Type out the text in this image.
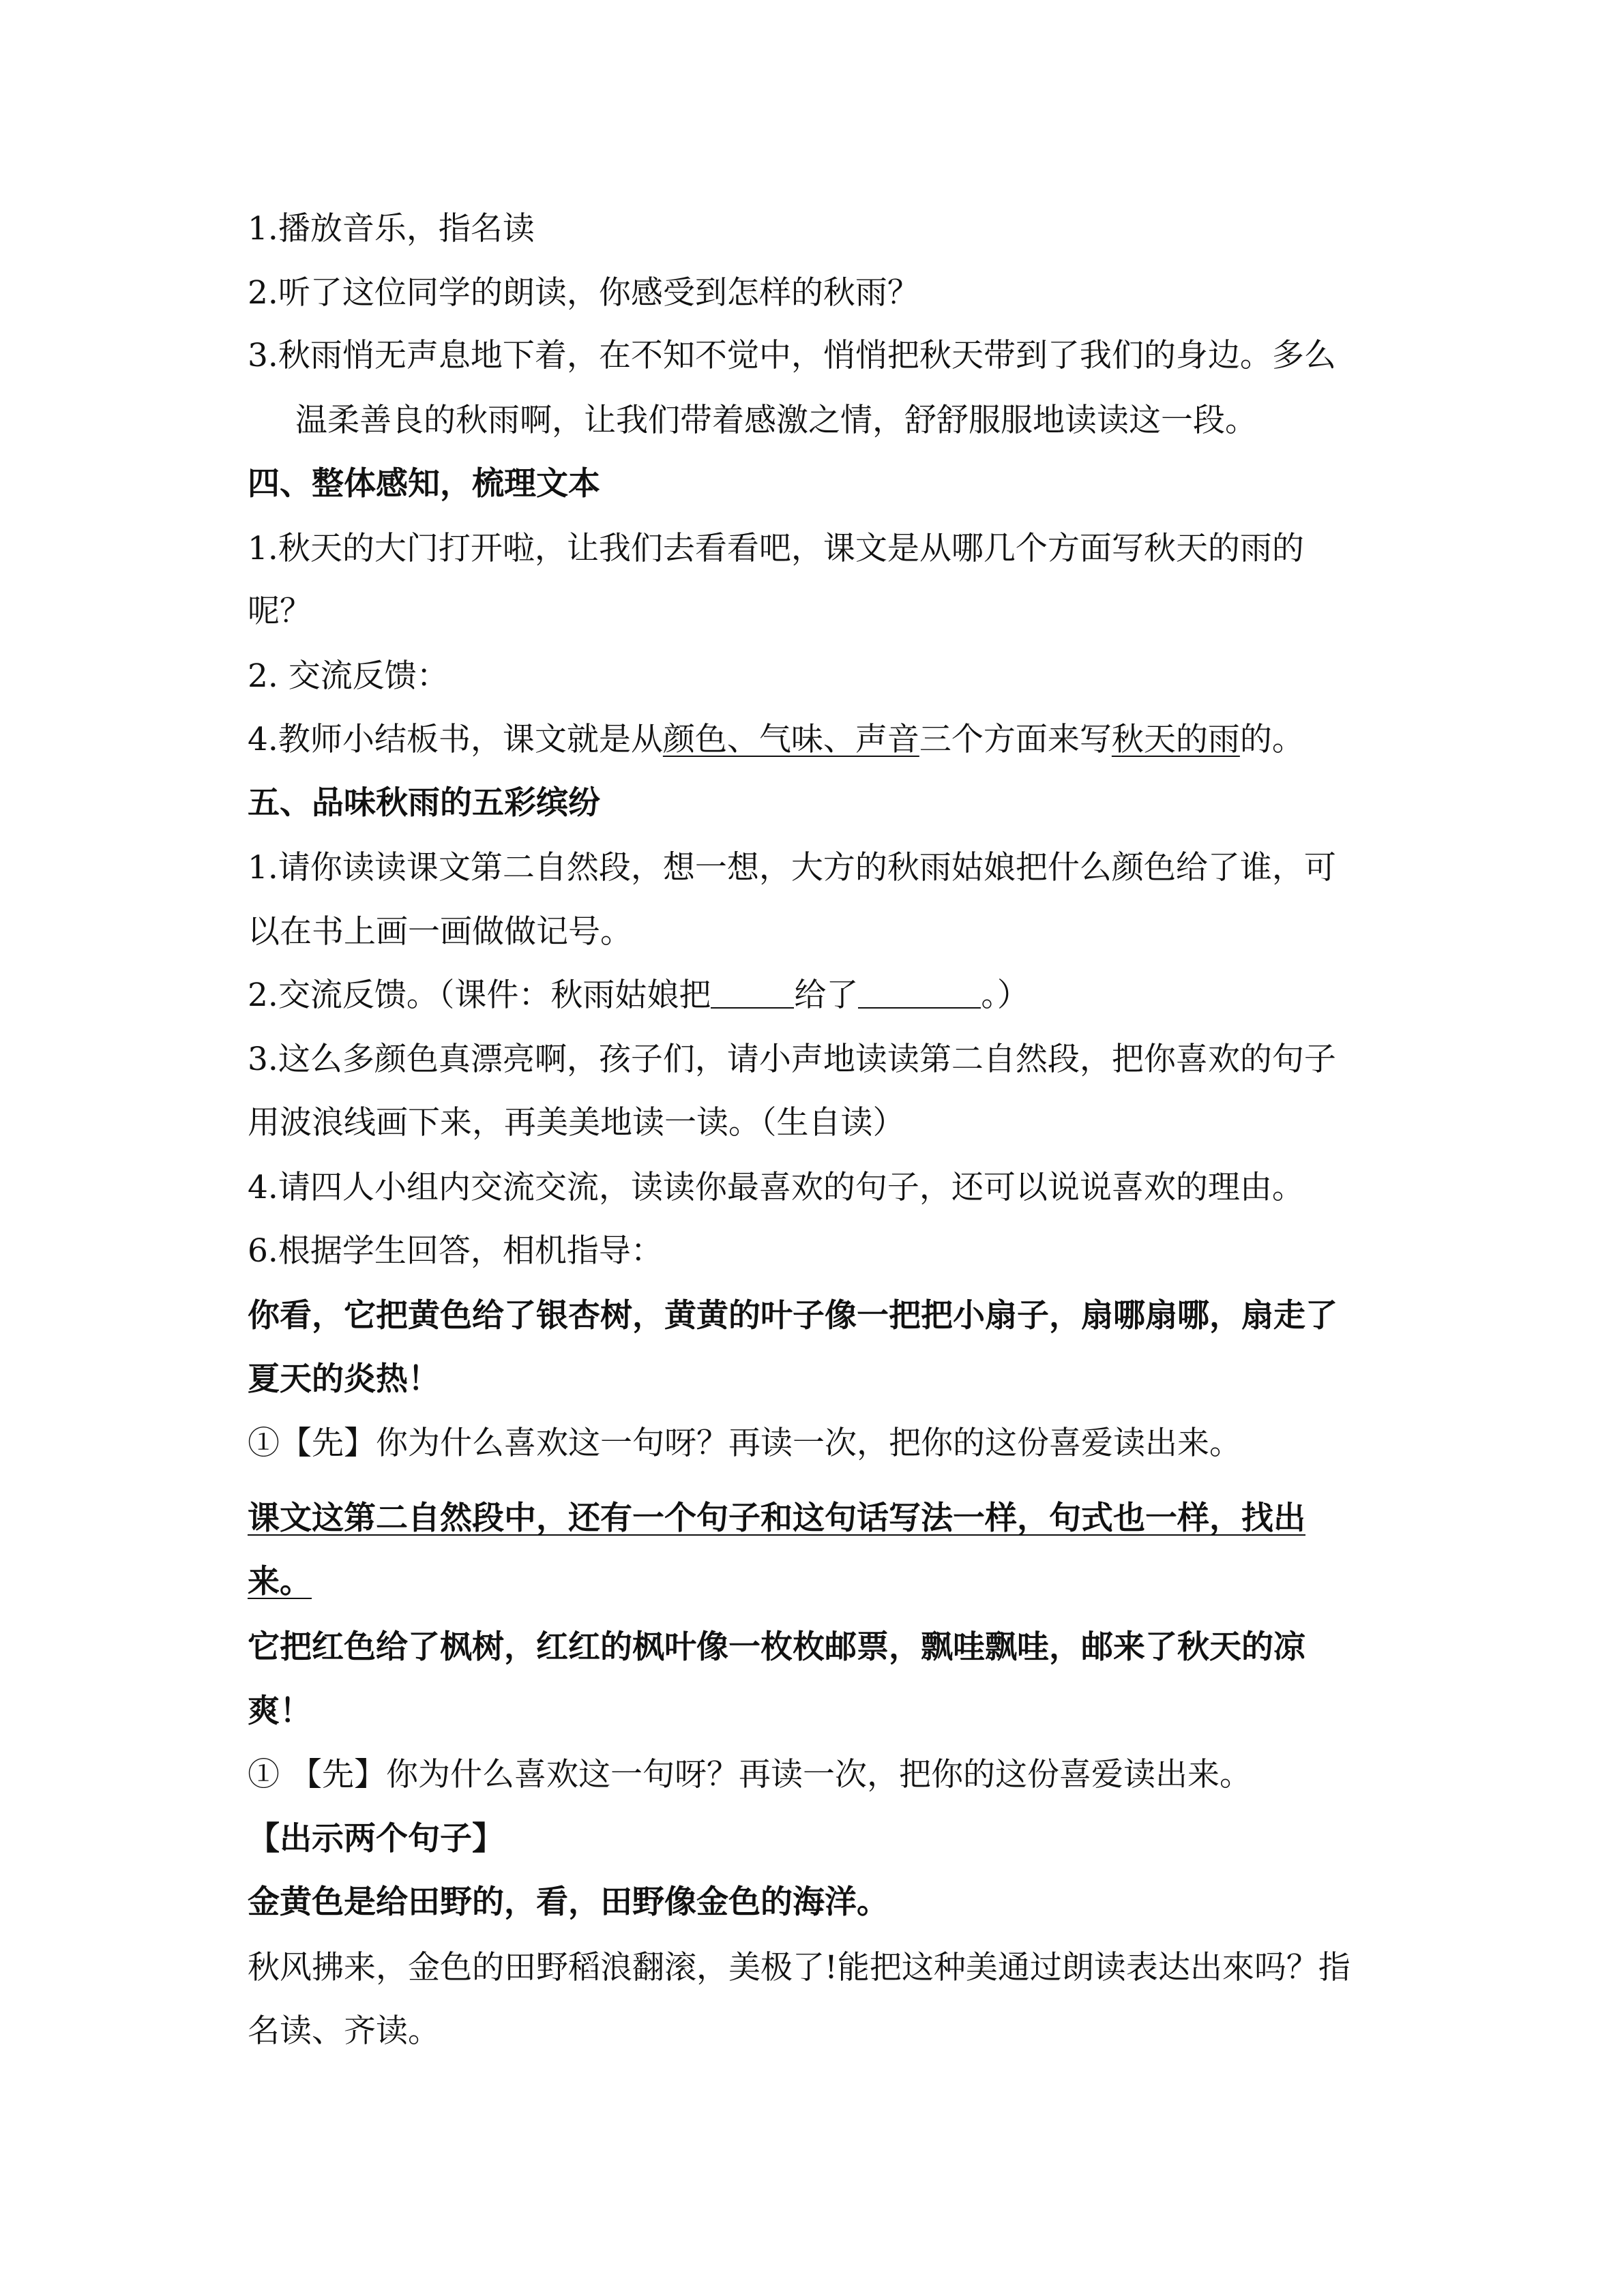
1.播放音乐，指名读
2.听了这位同学的朗读，你感受到怎样的秋雨？
3.秋雨悄无声息地下着，在不知不觉中，悄悄把秋天带到了我们的身边。多么
温柔善良的秋雨啊，让我们带着感激之情，舒舒服服地读读这一段。
四、整体感知，梳理文本
1.秋天的大门打开啦，让我们去看看吧，课文是从哪几个方面写秋天的雨的
呢？
2. 交流反馈：
4.教师小结板书，课文就是从颜色、气味、声音三个方面来写秋天的雨的。
五、品味秋雨的五彩缤纷
1.请你读读课文第二自然段，想一想，大方的秋雨姑娘把什么颜色给了谁，可
以在书上画一画做做记号。
2.交流反馈。（课件：秋雨姑娘把	给了	。）
3.这么多颜色真漂亮啊，孩子们，请小声地读读第二自然段，把你喜欢的句子
用波浪线画下来，再美美地读一读。（生自读）
4.请四人小组内交流交流，读读你最喜欢的句子，还可以说说喜欢的理由。
6.根据学生回答，相机指导：
你看，它把黄色给了银杏树，黄黄的叶子像一把把小扇子，扇哪扇哪，扇走了
夏天的炎热！
①【先】你为什么喜欢这一句呀？再读一次，把你的这份喜爱读出来。
课文这第二自然段中，还有一个句子和这句话写法一样，句式也一样，找出
来。
它把红色给了枫树，红红的枫叶像一枚枚邮票，飘哇飘哇，邮来了秋天的凉
爽！
① 【先】你为什么喜欢这一句呀？再读一次，把你的这份喜爱读出来。
【出示两个句子】
金黄色是给田野的，看，田野像金色的海洋。
秋风拂来，金色的田野稻浪翻滚，美极了!能把这种美通过朗读表达出來吗？指
名读、齐读。
